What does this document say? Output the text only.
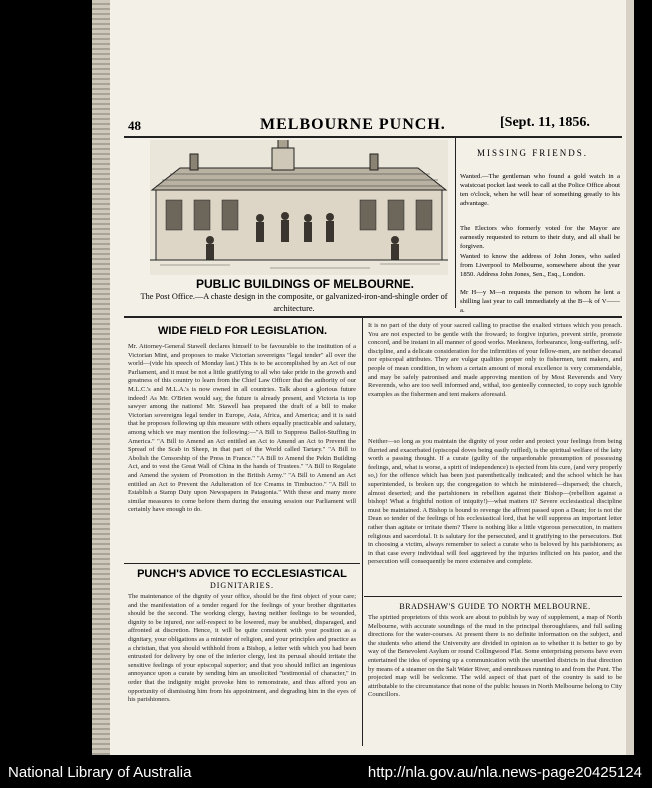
48	MELBOURNE PUNCH.	[Sept. 11, 1856.
PUBLIC BUILDINGS OF MELBOURNE.
The Post Office.—A chaste design in the composite, or galvanized-iron-and-shingle order of architecture.
MISSING FRIENDS.
Wanted.—The gentleman who found a gold watch in a waistcoat pocket last week to call at the Police Office about ten o'clock, when he will hear of something greatly to his advantage.
The Electors who formerly voted for the Mayor are earnestly requested to return to their duty, and all shall be forgiven.
Wanted to know the address of John Jones, who sailed from Liverpool to Melbourne, somewhere about the year 1850. Address John Jones, Sen., Esq., London.
Mr H—y M—n requests the person to whom he lent a shilling last year to call immediately at the B—k of V——a.
WIDE FIELD FOR LEGISLATION.
Mr. Attorney-General Stawell declares himself to be favourable to the institution of a Victorian Mint, and proposes to make Victorian sovereigns "legal tender" all over the world—(vide his speech of Monday last.) This is to be accomplished by an Act of our Parliament, and it must be not a little gratifying to all who take pride in the growth and greatness of this country to learn from the Chief Law Officer that the authority of our M.L.C.'s and M.L.A.'s is now owned in all countries. Talk about a glorious future indeed! As Mr. O'Brien would say, the future is already present, and Victoria is top sawyer among the nations! Mr. Stawell has prepared the draft of a bill to make Victorian sovereigns legal tender in Europe, Asia, Africa, and America; and it is said that he proposes following up this measure with others equally practicable and salutary, among which we may mention the following:—"A Bill to Suppress Ballot-Stuffing in America." "A Bill to Amend an Act entitled an Act to Amend an Act to Prevent the Spread of the Scab in Sheep, in that part of the World called Tartary." "A Bill to Abolish the Censorship of the Press in France." "A Bill to Amend the Pekin Building Act, and to vest the Great Wall of China in the hands of Trustees." "A Bill to Regulate and Amend the system of Promotion in the British Army." "A Bill to Amend an Act entitled an Act to Prevent the Adulteration of Ice Creams in Timbuctoo." "A Bill to Establish a Stamp Duty upon Newspapers in Patagonia." With these and many more similar measures to come before them during the ensuing session our Parliament will certainly have enough to do.
PUNCH'S ADVICE TO ECCLESIASTICAL
DIGNITARIES.
The maintenance of the dignity of your office, should be the first object of your care; and the manifestation of a tender regard for the feelings of your brother dignitaries should be the second. The working clergy, having neither feelings to be wounded, dignity to be injured, nor self-respect to be lowered, may be snubbed, disparaged, and affronted at discretion. Hence, it will be quite consistent with your position as a dignitary, your obligations as a minister of religion, and your principles and practice as a christian, that you should withhold from a Bishop, a letter with which you had been entrusted for delivery by one of the inferior clergy, lest its perusal should irritate the sensitive feelings of your episcopal superior; and that you should inflict an ingenious annoyance upon a curate by sending him an unsolicited "testimonial of character," in order that the indignity might provoke him to remonstrate, and thus afford you an opportunity of dismissing him from his appointment, and degrading him in the eyes of his parishioners.
It is no part of the duty of your sacred calling to practise the exalted virtues which you preach. You are not expected to be gentle with the froward; to forgive injuries, prevent strife, promote concord, and be instant in all manner of good works. Meekness, forbearance, long-suffering, self-discipline, and a delicate consideration for the infirmities of your fellow-men, are neither decanal nor episcopal attributes. They are vulgar qualities proper only to fishermen, tent makers, and people of mean condition, in whom a certain amount of moral excellence is very commendable, and may be safely patronised and made approving mention of by Most Reverends and Very Reverends, who are too well informed and, withal, too genteelly connected, to copy such ignoble examples as the fishermen and tent makers aforesaid.
Neither—so long as you maintain the dignity of your order and protect your feelings from being flurried and exacerbated (episcopal doves being easily ruffled), is the spiritual welfare of the laity worth a passing thought. If a curate (guilty of the unpardonable presumption of possessing feelings, and, what is worse, a spirit of independence) is ejected from his cure, (and very properly so,) for the offence which has been just parenthetically indicated; and the school which he has superintended, is broken up; the congregation to which he ministered—dispersed; the church, almost deserted; and the parishioners in rebellion against their Bishop—(rebellion against a bishop! What a frightful notion of iniquity!)—what matters it? Severe ecclesiastical discipline must be maintained. A Bishop is bound to revenge the affront passed upon a Dean; for is not the Dean so tender of the feelings of his ecclesiastical lord, that he will suppress an important letter rather than agitate or irritate them? There is nothing like a little vigorous persecution, in matters religious and sacerdotal. It is salutary for the persecuted, and it gratifying to the persecutors. But in choosing a victim, always remember to select a curate who is beloved by his parishioners; as in that case every individual will feel aggrieved by the injuries inflicted on his pastor, and the persecution will consequently be more extensive and complete.
BRADSHAW'S GUIDE TO NORTH MELBOURNE.
The spirited proprietors of this work are about to publish by way of supplement, a map of North Melbourne, with accurate soundings of the mud in the principal thoroughfares, and full sailing directions for the water-courses. At present there is no definite information on the subject, and the students who attend the University are divided in opinion as to whether it is better to go by way of the Benevolent Asylum or round Collingwood Flat. Some enterprising persons have even entertained the idea of opening up a communication with the unsettled districts in that direction by means of a steamer on the Salt Water River, and omnibuses running to and from the Punt. The projected map will be welcome. The wild aspect of that part of the country is said to be attributable to the circumstance that none of the public houses in North Melbourne belong to City Councillors.
National Library of Australia	http://nla.gov.au/nla.news-page20425124
